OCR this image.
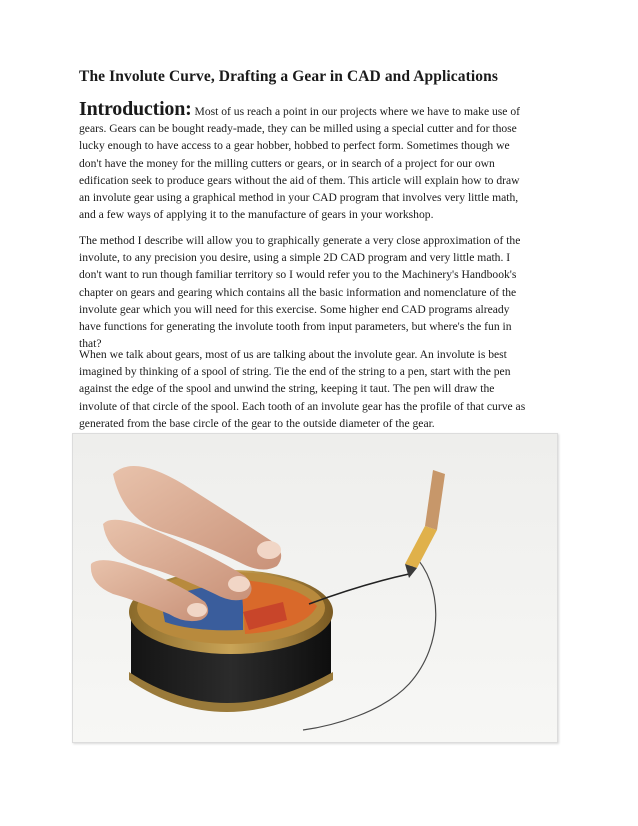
The Involute Curve, Drafting a Gear in CAD and Applications
Introduction: Most of us reach a point in our projects where we have to make use of
gears. Gears can be bought ready-made, they can be milled using a special cutter and for those
lucky enough to have access to a gear hobber, hobbed to perfect form. Sometimes though we
don't have the money for the milling cutters or gears, or in search of a project for our own
edification seek to produce gears without the aid of them. This article will explain how to draw
an involute gear using a graphical method in your CAD program that involves very little math,
and a few ways of applying it to the manufacture of gears in your workshop.
The method I describe will allow you to graphically generate a very close approximation of the
involute, to any precision you desire, using a simple 2D CAD program and very little math. I
don't want to run though familiar territory so I would refer you to the Machinery's Handbook's
chapter on gears and gearing which contains all the basic information and nomenclature of the
involute gear which you will need for this exercise. Some higher end CAD programs already
have functions for generating the involute tooth from input parameters, but where's the fun in
that?
When we talk about gears, most of us are talking about the involute gear. An involute is best
imagined by thinking of a spool of string. Tie the end of the string to a pen, start with the pen
against the edge of the spool and unwind the string, keeping it taut. The pen will draw the
involute of that circle of the spool. Each tooth of an involute gear has the profile of that curve as
generated from the base circle of the gear to the outside diameter of the gear.
